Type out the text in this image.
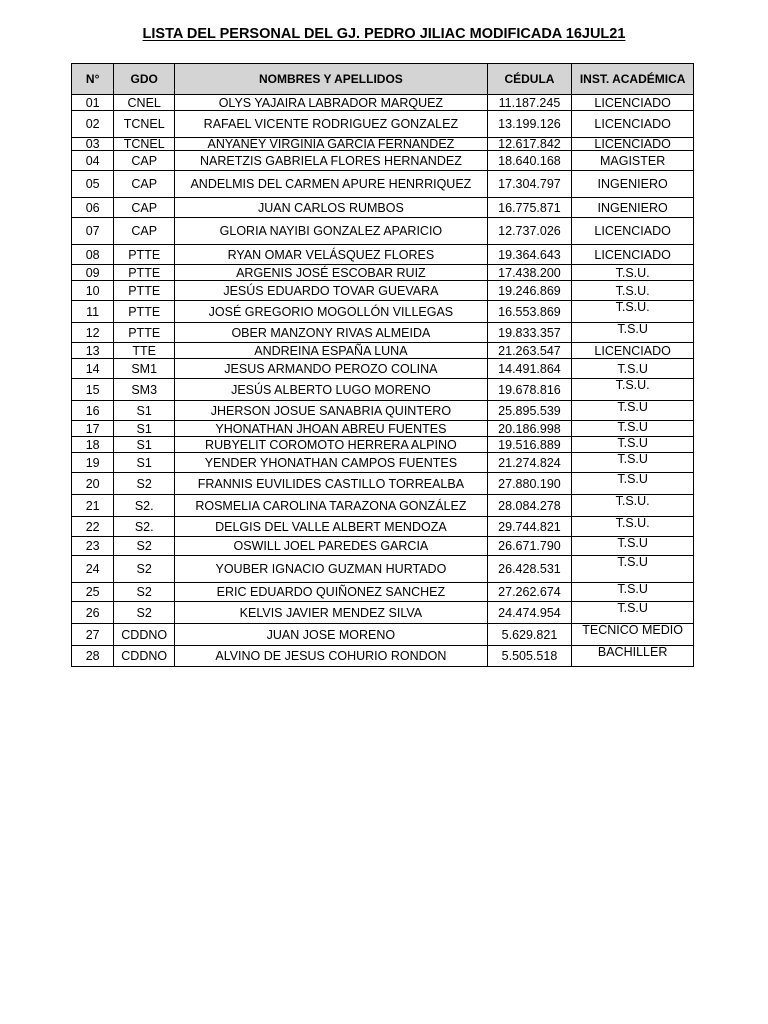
LISTA DEL PERSONAL DEL GJ. PEDRO JILIAC MODIFICADA 16JUL21
N°	GDO	NOMBRES Y APELLIDOS	CÉDULA	INST. ACADÉMICA
01	CNEL	OLYS YAJAIRA LABRADOR MARQUEZ	11.187.245	LICENCIADO
02	TCNEL	RAFAEL VICENTE RODRIGUEZ GONZALEZ	13.199.126	LICENCIADO
03	TCNEL	ANYANEY VIRGINIA GARCIA FERNANDEZ	12.617.842	LICENCIADO
04	CAP	NARETZIS GABRIELA FLORES HERNANDEZ	18.640.168	MAGISTER
05	CAP	ANDELMIS DEL CARMEN APURE HENRRIQUEZ	17.304.797	INGENIERO
06	CAP	JUAN CARLOS RUMBOS	16.775.871	INGENIERO
07	CAP	GLORIA NAYIBI GONZALEZ APARICIO	12.737.026	LICENCIADO
08	PTTE	RYAN OMAR VELÁSQUEZ FLORES	19.364.643	LICENCIADO
09	PTTE	ARGENIS JOSÉ ESCOBAR RUIZ	17.438.200	T.S.U.
10	PTTE	JESÚS EDUARDO TOVAR GUEVARA	19.246.869	T.S.U.
11	PTTE	JOSÉ GREGORIO MOGOLLÓN VILLEGAS	16.553.869	T.S.U.
12	PTTE	OBER MANZONY RIVAS ALMEIDA	19.833.357	T.S.U
13	TTE	ANDREINA ESPAÑA LUNA	21.263.547	LICENCIADO
14	SM1	JESUS ARMANDO PEROZO COLINA	14.491.864	T.S.U
15	SM3	JESÚS ALBERTO LUGO MORENO	19.678.816	T.S.U.
16	S1	JHERSON JOSUE SANABRIA QUINTERO	25.895.539	T.S.U
17	S1	YHONATHAN JHOAN ABREU FUENTES	20.186.998	T.S.U
18	S1	RUBYELIT COROMOTO HERRERA ALPINO	19.516.889	T.S.U
19	S1	YENDER YHONATHAN CAMPOS FUENTES	21.274.824	T.S.U
20	S2	FRANNIS EUVILIDES CASTILLO TORREALBA	27.880.190	T.S.U
21	S2.	ROSMELIA CAROLINA TARAZONA GONZÁLEZ	28.084.278	T.S.U.
22	S2.	DELGIS DEL VALLE ALBERT MENDOZA	29.744.821	T.S.U.
23	S2	OSWILL JOEL PAREDES GARCIA	26.671.790	T.S.U
24	S2	YOUBER IGNACIO GUZMAN HURTADO	26.428.531	T.S.U
25	S2	ERIC EDUARDO QUIÑONEZ SANCHEZ	27.262.674	T.S.U
26	S2	KELVIS JAVIER MENDEZ SILVA	24.474.954	T.S.U
27	CDDNO	JUAN JOSE MORENO	5.629.821	TECNICO MEDIO
28	CDDNO	ALVINO DE JESUS COHURIO RONDON	5.505.518	BACHILLER
